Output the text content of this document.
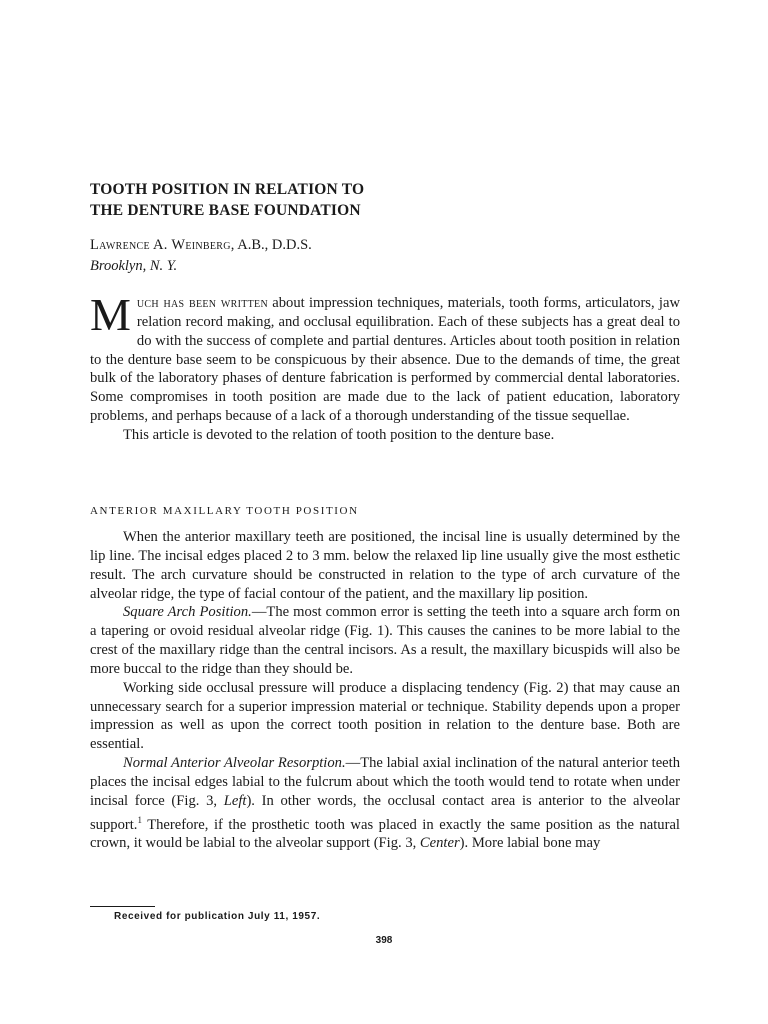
TOOTH POSITION IN RELATION TO
THE DENTURE BASE FOUNDATION
Lawrence A. Weinberg, A.B., D.D.S.
Brooklyn, N. Y.

Much has been written about impression techniques, materials, tooth forms, articulators, jaw relation record making, and occlusal equilibration. Each of these subjects has a great deal to do with the success of complete and partial dentures. Articles about tooth position in relation to the denture base seem to be conspicuous by their absence. Due to the demands of time, the great bulk of the laboratory phases of denture fabrication is performed by commercial dental laboratories. Some compromises in tooth position are made due to the lack of patient education, laboratory problems, and perhaps because of a lack of a thorough understanding of the tissue sequellae.

This article is devoted to the relation of tooth position to the denture base.

ANTERIOR MAXILLARY TOOTH POSITION

When the anterior maxillary teeth are positioned, the incisal line is usually determined by the lip line. The incisal edges placed 2 to 3 mm. below the relaxed lip line usually give the most esthetic result. The arch curvature should be constructed in relation to the type of arch curvature of the alveolar ridge, the type of facial contour of the patient, and the maxillary lip position.

Square Arch Position.—The most common error is setting the teeth into a square arch form on a tapering or ovoid residual alveolar ridge (Fig. 1). This causes the canines to be more labial to the crest of the maxillary ridge than the central incisors. As a result, the maxillary bicuspids will also be more buccal to the ridge than they should be.

Working side occlusal pressure will produce a displacing tendency (Fig. 2) that may cause an unnecessary search for a superior impression material or technique. Stability depends upon a proper impression as well as upon the correct tooth position in relation to the denture base. Both are essential.

Normal Anterior Alveolar Resorption.—The labial axial inclination of the natural anterior teeth places the incisal edges labial to the fulcrum about which the tooth would tend to rotate when under incisal force (Fig. 3, Left). In other words, the occlusal contact area is anterior to the alveolar support.$^1$ Therefore, if the prosthetic tooth was placed in exactly the same position as the natural crown, it would be labial to the alveolar support (Fig. 3, Center). More labial bone may

Received for publication July 11, 1957.
398
